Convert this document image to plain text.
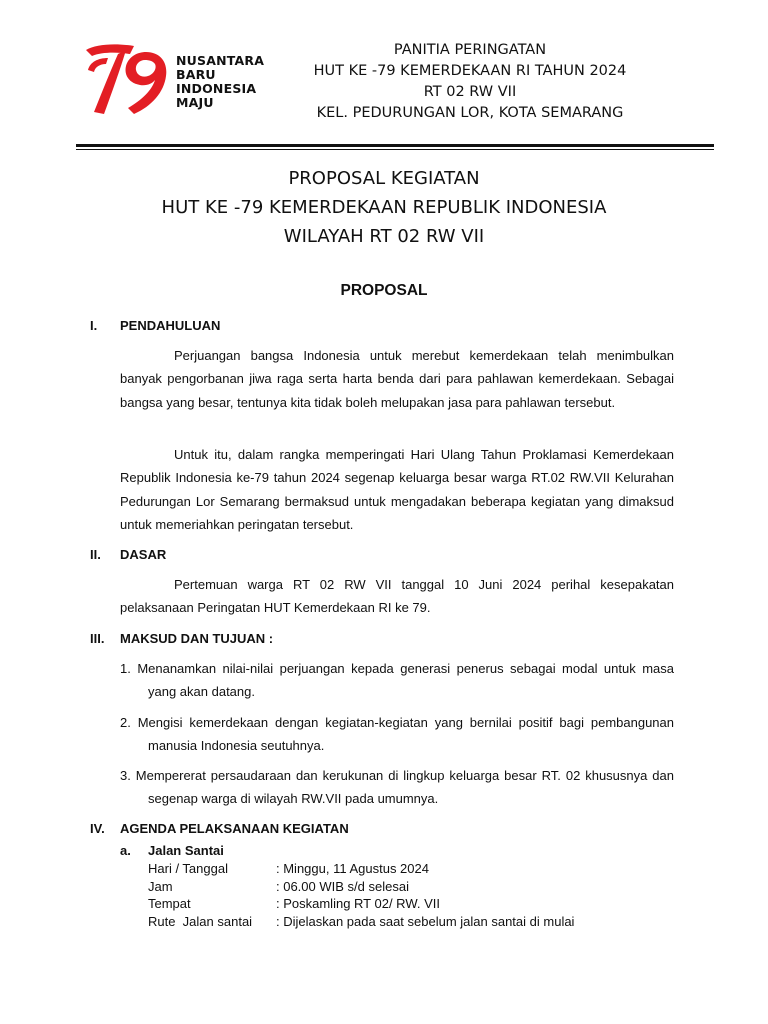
NUSANTARA
BARU
INDONESIA
MAJU
PANITIA PERINGATAN
HUT KE -79 KEMERDEKAAN RI TAHUN 2024
RT 02 RW VII
KEL. PEDURUNGAN LOR, KOTA SEMARANG
PROPOSAL KEGIATAN
HUT KE -79 KEMERDEKAAN REPUBLIK INDONESIA
WILAYAH RT 02 RW VII
PROPOSAL
I. PENDAHULUAN
Perjuangan bangsa Indonesia untuk merebut kemerdekaan telah menimbulkan banyak pengorbanan jiwa raga serta harta benda dari para pahlawan kemerdekaan. Sebagai bangsa yang besar, tentunya kita tidak boleh melupakan jasa para pahlawan tersebut.
Untuk itu, dalam rangka memperingati Hari Ulang Tahun Proklamasi Kemerdekaan Republik Indonesia ke-79 tahun 2024 segenap keluarga besar warga RT.02 RW.VII Kelurahan Pedurungan Lor Semarang bermaksud untuk mengadakan beberapa kegiatan yang dimaksud untuk memeriahkan peringatan tersebut.
II. DASAR
Pertemuan warga RT 02 RW VII tanggal 10 Juni 2024 perihal kesepakatan pelaksanaan Peringatan HUT Kemerdekaan RI ke 79.
III. MAKSUD DAN TUJUAN :
1. Menanamkan nilai-nilai perjuangan kepada generasi penerus sebagai modal untuk masa yang akan datang.
2. Mengisi kemerdekaan dengan kegiatan-kegiatan yang bernilai positif bagi pembangunan manusia Indonesia seutuhnya.
3. Mempererat persaudaraan dan kerukunan di lingkup keluarga besar RT. 02 khususnya dan segenap warga di wilayah RW.VII pada umumnya.
IV. AGENDA PELAKSANAAN KEGIATAN
a. Jalan Santai
Hari / Tanggal	: Minggu, 11 Agustus 2024
Jam	: 06.00 WIB s/d selesai
Tempat	: Poskamling RT 02/ RW. VII
Rute  Jalan santai : Dijelaskan pada saat sebelum jalan santai di mulai
